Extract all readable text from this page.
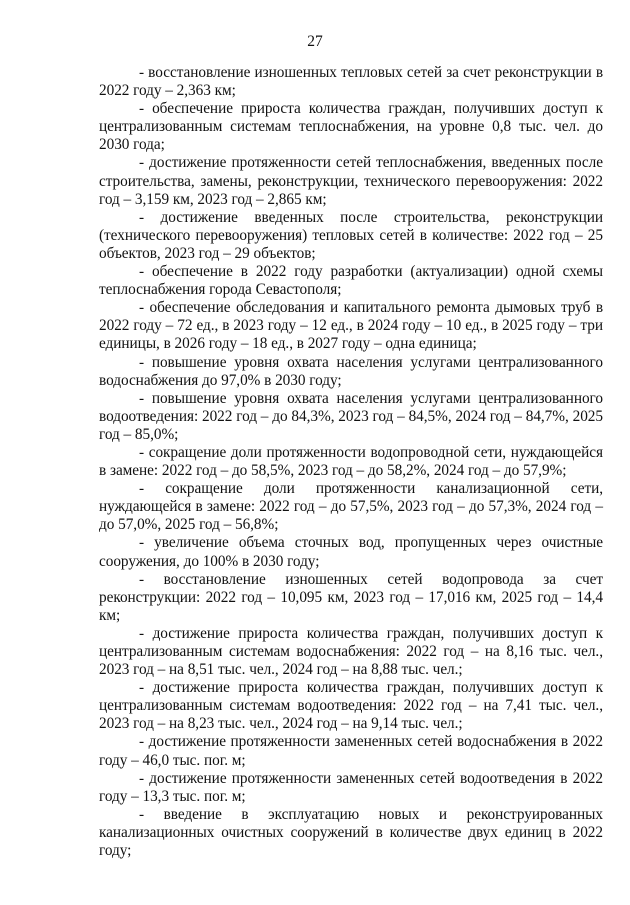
27

- восстановление изношенных тепловых сетей за счет реконструкции в 2022 году – 2,363 км;

- обеспечение прироста количества граждан, получивших доступ к централизованным системам теплоснабжения, на уровне 0,8 тыс. чел. до 2030 года;

- достижение протяженности сетей теплоснабжения, введенных после строительства, замены, реконструкции, технического перевооружения: 2022 год – 3,159 км, 2023 год – 2,865 км;

- достижение введенных после строительства, реконструкции (технического перевооружения) тепловых сетей в количестве: 2022 год – 25 объектов, 2023 год – 29 объектов;

- обеспечение в 2022 году разработки (актуализации) одной схемы теплоснабжения города Севастополя;

- обеспечение обследования и капитального ремонта дымовых труб в 2022 году – 72 ед., в 2023 году – 12 ед., в 2024 году – 10 ед., в 2025 году – три единицы, в 2026 году – 18 ед., в 2027 году – одна единица;

- повышение уровня охвата населения услугами централизованного водоснабжения до 97,0% в 2030 году;

- повышение уровня охвата населения услугами централизованного водоотведения: 2022 год – до 84,3%, 2023 год – 84,5%, 2024 год – 84,7%, 2025 год – 85,0%;

- сокращение доли протяженности водопроводной сети, нуждающейся в замене: 2022 год – до 58,5%, 2023 год – до 58,2%, 2024 год – до 57,9%;

- сокращение доли протяженности канализационной сети, нуждающейся в замене: 2022 год – до 57,5%, 2023 год – до 57,3%, 2024 год – до 57,0%, 2025 год – 56,8%;

- увеличение объема сточных вод, пропущенных через очистные сооружения, до 100% в 2030 году;

- восстановление изношенных сетей водопровода за счет реконструкции: 2022 год – 10,095 км, 2023 год – 17,016 км, 2025 год – 14,4 км;

- достижение прироста количества граждан, получивших доступ к централизованным системам водоснабжения: 2022 год – на 8,16 тыс. чел., 2023 год – на 8,51 тыс. чел., 2024 год – на 8,88 тыс. чел.;

- достижение прироста количества граждан, получивших доступ к централизованным системам водоотведения: 2022 год – на 7,41 тыс. чел., 2023 год – на 8,23 тыс. чел., 2024 год – на 9,14 тыс. чел.;

- достижение протяженности замененных сетей водоснабжения в 2022 году – 46,0 тыс. пог. м;

- достижение протяженности замененных сетей водоотведения в 2022 году – 13,3 тыс. пог. м;

- введение в эксплуатацию новых и реконструированных канализационных очистных сооружений в количестве двух единиц в 2022 году;
